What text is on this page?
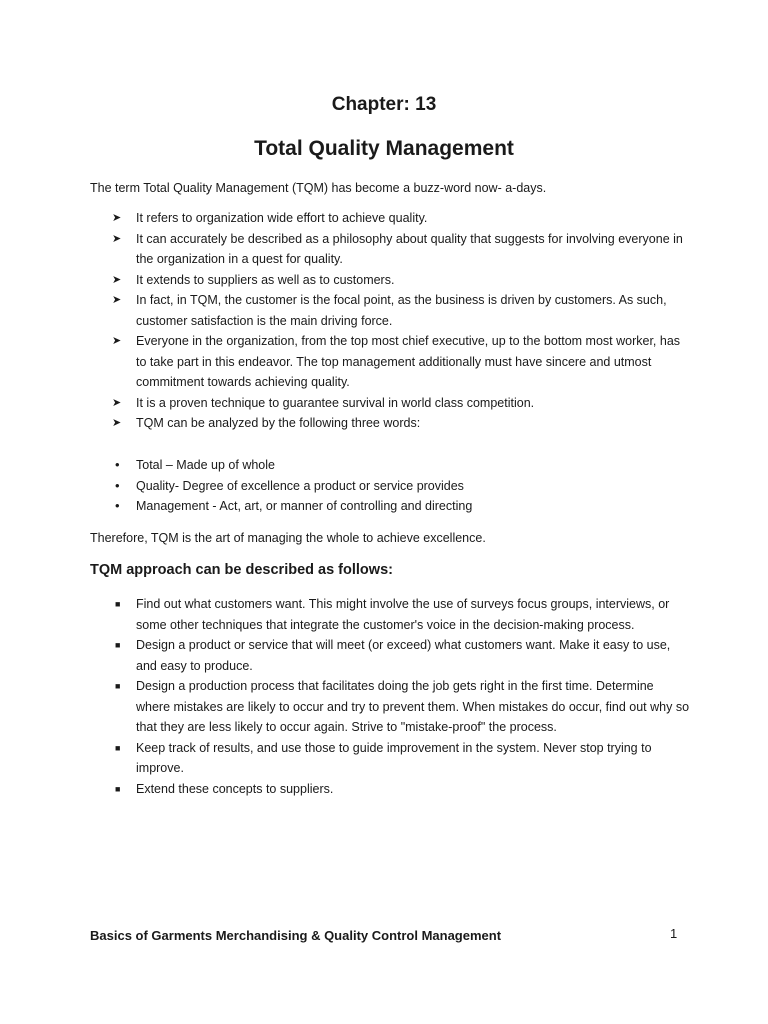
Chapter: 13
Total Quality Management

The term Total Quality Management (TQM) has become a buzz-word now- a-days.

➤	It refers to organization wide effort to achieve quality.
➤	It can accurately be described as a philosophy about quality that suggests for involving everyone in the organization in a quest for quality.
➤	It extends to suppliers as well as to customers.
➤	In fact, in TQM, the customer is the focal point, as the business is driven by customers. As such, customer satisfaction is the main driving force.
➤	Everyone in the organization, from the top most chief executive, up to the bottom most worker, has to take part in this endeavor. The top management additionally must have sincere and utmost commitment towards achieving quality.
➤	It is a proven technique to guarantee survival in world class competition.
➤	TQM can be analyzed by the following three words:
•	Total – Made up of whole
•	Quality- Degree of excellence a product or service provides
•	Management - Act, art, or manner of controlling and directing

Therefore, TQM is the art of managing the whole to achieve excellence.

TQM approach can be described as follows:
■	Find out what customers want. This might involve the use of surveys focus groups, interviews, or some other techniques that integrate the customer's voice in the decision-making process.
■	Design a product or service that will meet (or exceed) what customers want. Make it easy to use, and easy to produce.
■	Design a production process that facilitates doing the job gets right in the first time. Determine where mistakes are likely to occur and try to prevent them. When mistakes do occur, find out why so that they are less likely to occur again. Strive to "mistake-proof" the process.
■	Keep track of results, and use those to guide improvement in the system. Never stop trying to improve.
■	Extend these concepts to suppliers.

Basics of Garments Merchandising & Quality Control Management	1
